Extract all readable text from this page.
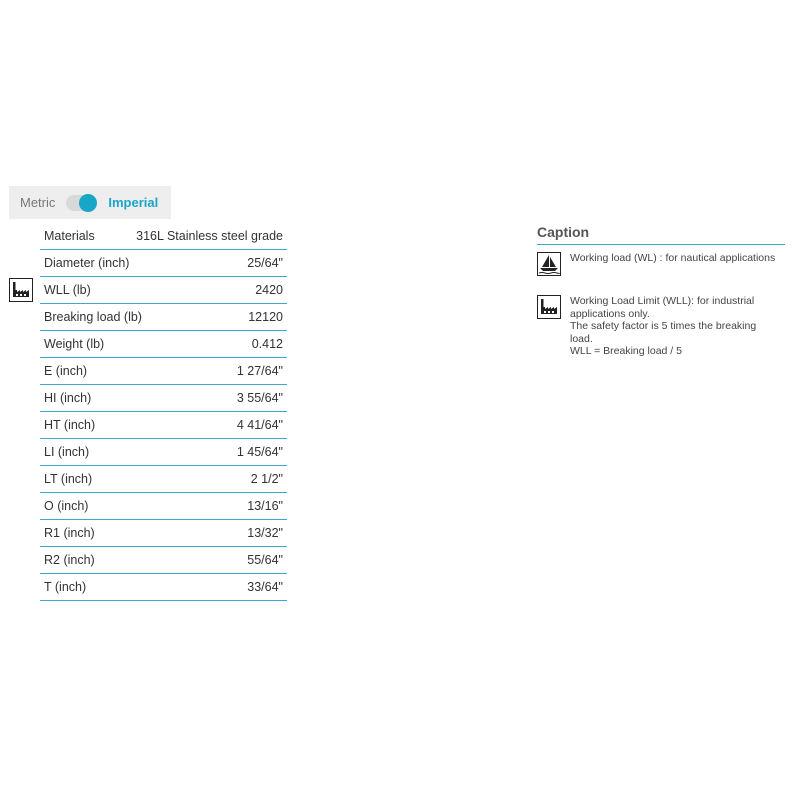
Metric	Imperial
Materials	316L Stainless steel grade
Diameter (inch)	25/64"
WLL (lb)	2420
Breaking load (lb)	12120
Weight (lb)	0.412
E (inch)	1 27/64"
HI (inch)	3 55/64"
HT (inch)	4 41/64"
LI (inch)	1 45/64"
LT (inch)	2 1/2"
O (inch)	13/16"
R1 (inch)	13/32"
R2 (inch)	55/64"
T (inch)	33/64"
Caption
Working load (WL) : for nautical applications
Working Load Limit (WLL): for industrial applications only.
The safety factor is 5 times the breaking load.
WLL = Breaking load / 5
